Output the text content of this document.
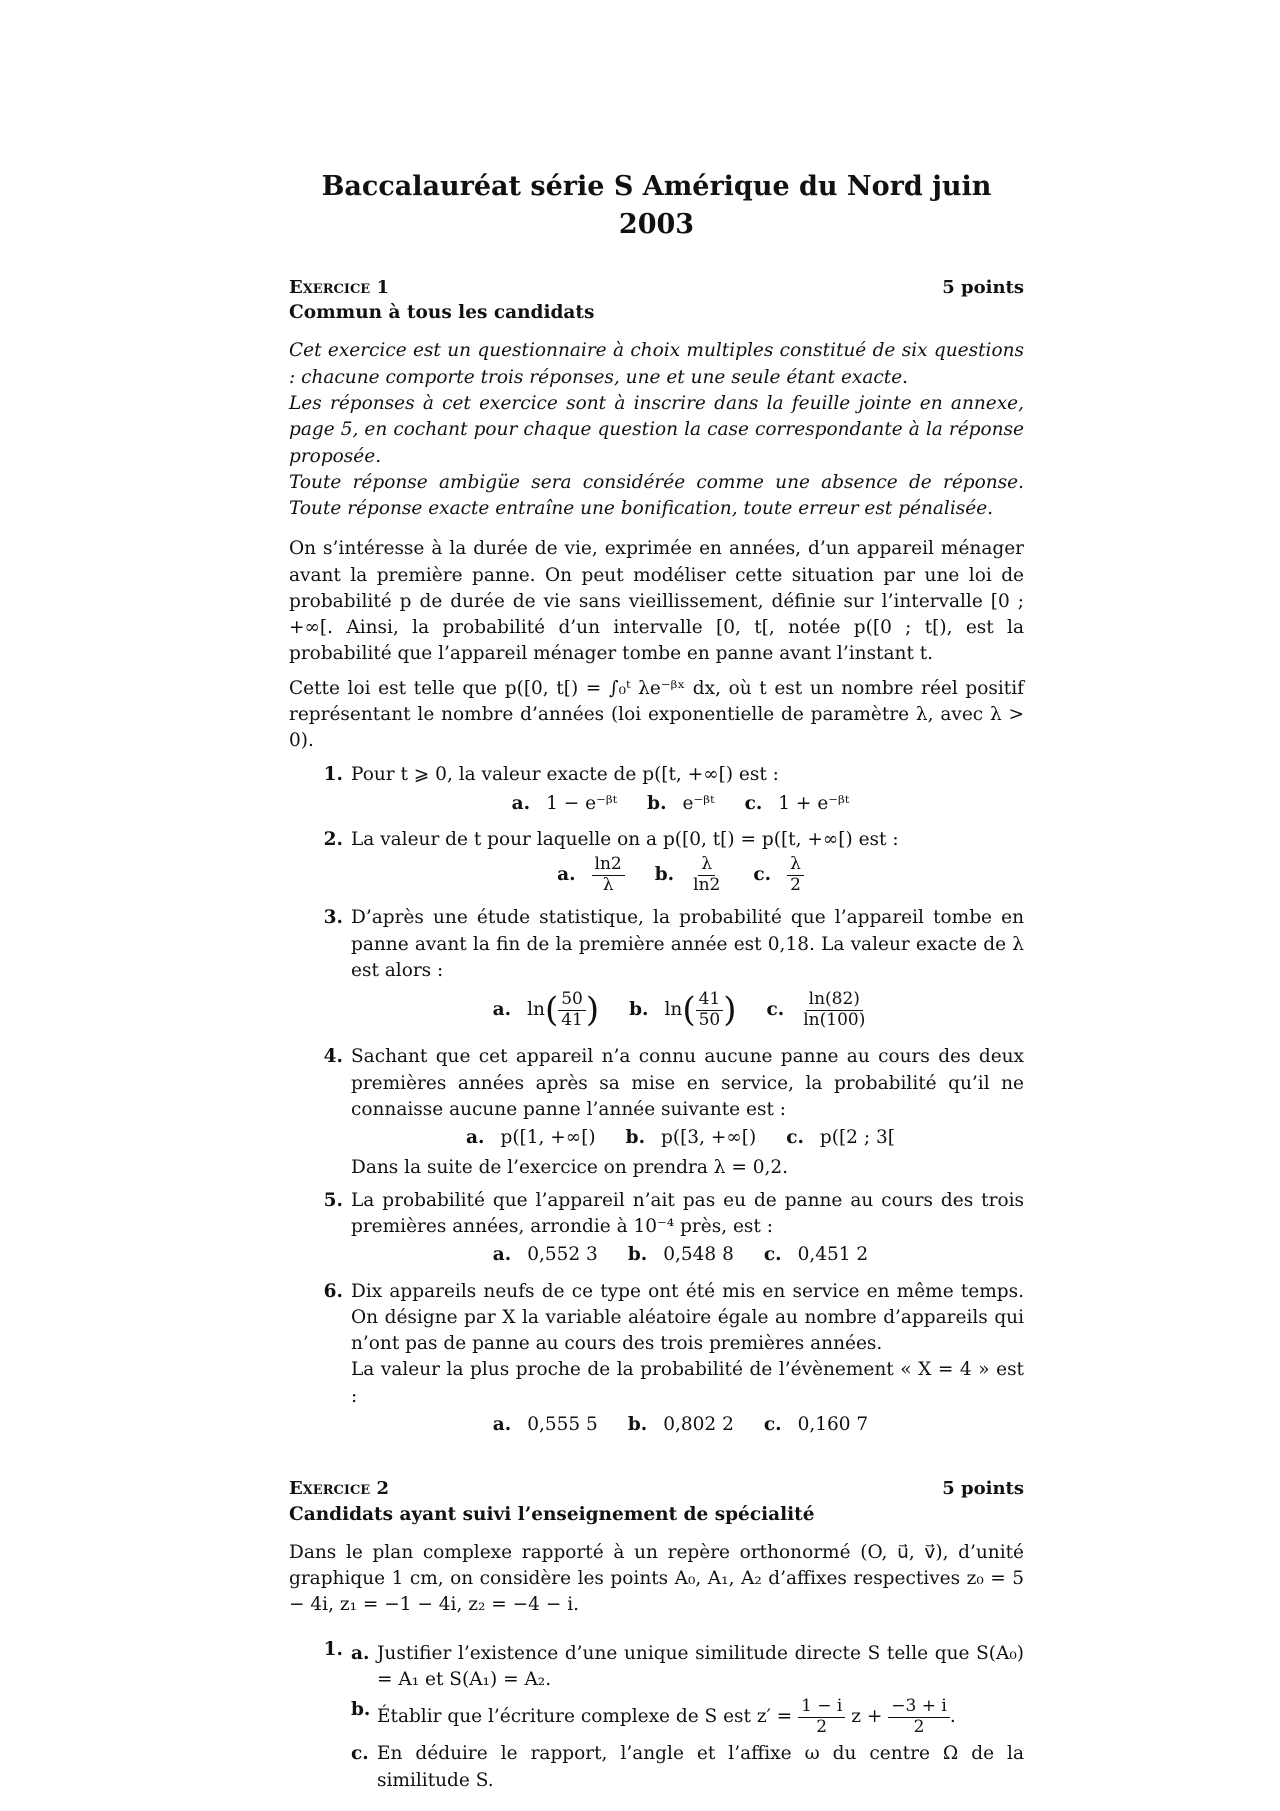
Baccalauréat série S Amérique du Nord juin 2003
Exercice 1	5 points
Commun à tous les candidats

Cet exercice est un questionnaire à choix multiples constitué de six questions : chacune comporte trois réponses, une et une seule étant exacte.

Les réponses à cet exercice sont à inscrire dans la feuille jointe en annexe, page 5, en cochant pour chaque question la case correspondante à la réponse proposée.

Toute réponse ambigüe sera considérée comme une absence de réponse. Toute réponse exacte entraîne une bonification, toute erreur est pénalisée.

On s’intéresse à la durée de vie, exprimée en années, d’un appareil ménager avant la première panne. On peut modéliser cette situation par une loi de probabilité p de durée de vie sans vieillissement, définie sur l’intervalle [0 ; +∞[. Ainsi, la probabilité d’un intervalle [0, t[, notée p([0 ; t[), est la probabilité que l’appareil ménager tombe en panne avant l’instant t.
Cette loi est telle que p([0, t[) = ∫₀ᵗ λe⁻ᵝˣ dx, où t est un nombre réel positif représentant le nombre d’années (loi exponentielle de paramètre λ, avec λ > 0).
1. Pour t ⩾ 0, la valeur exacte de p([t, +∞[) est :
a. 1 − e⁻ᵝᵗ b. e⁻ᵝᵗ c. 1 + e⁻ᵝᵗ
2. La valeur de t pour laquelle on a p([0, t[) = p([t, +∞[) est :
a. $\frac{\ln 2}{\lambda} b$. $\frac{\lambda}{\ln 2} c$. $\frac{\lambda}{2}$
3. D’après une étude statistique, la probabilité que l’appareil tombe en panne avant la fin de la première année est 0,18. La valeur exacte de λ est alors :
a. $\ln( \frac{50}{41}$ ) b. $\ln( \frac{41}{50}$ ) c. $\frac{\ln(82)}{\ln(100)}$
4. Sachant que cet appareil n’a connu aucune panne au cours des deux premières années après sa mise en service, la probabilité qu’il ne connaisse aucune panne l’année suivante est :
a. p([1, +∞[) b. p([3, +∞[) c. p([2 ; 3[
Dans la suite de l’exercice on prendra λ = 0,2.
5. La probabilité que l’appareil n’ait pas eu de panne au cours des trois premières années, arrondie à 10⁻⁴ près, est :
a. 0,552 3 b. 0,548 8 c. 0,451 2
6. Dix appareils neufs de ce type ont été mis en service en même temps. On désigne par X la variable aléatoire égale au nombre d’appareils qui n’ont pas de panne au cours des trois premières années.
La valeur la plus proche de la probabilité de l’évènement « X = 4 » est :
a. 0,555 5 b. 0,802 2 c. 0,160 7
Exercice 2	5 points
Candidats ayant suivi l’enseignement de spécialité
Dans le plan complexe rapporté à un repère orthonormé (O, u⃗, v⃗), d’unité graphique 1 cm, on considère les points A₀, A₁, A₂ d’affixes respectives z₀ = 5 − 4i, z₁ = −1 − 4i, z₂ = −4 − i.
1. a. Justifier l’existence d’une unique similitude directe S telle que S(A₀) = A₁ et S(A₁) = A₂.
b. Établir que l’écriture complexe de S est $z' = \frac{1 - i}{2}$ $z + \frac{-3 + i}{2}$ .
c. En déduire le rapport, l’angle et l’affixe ω du centre Ω de la similitude S.
